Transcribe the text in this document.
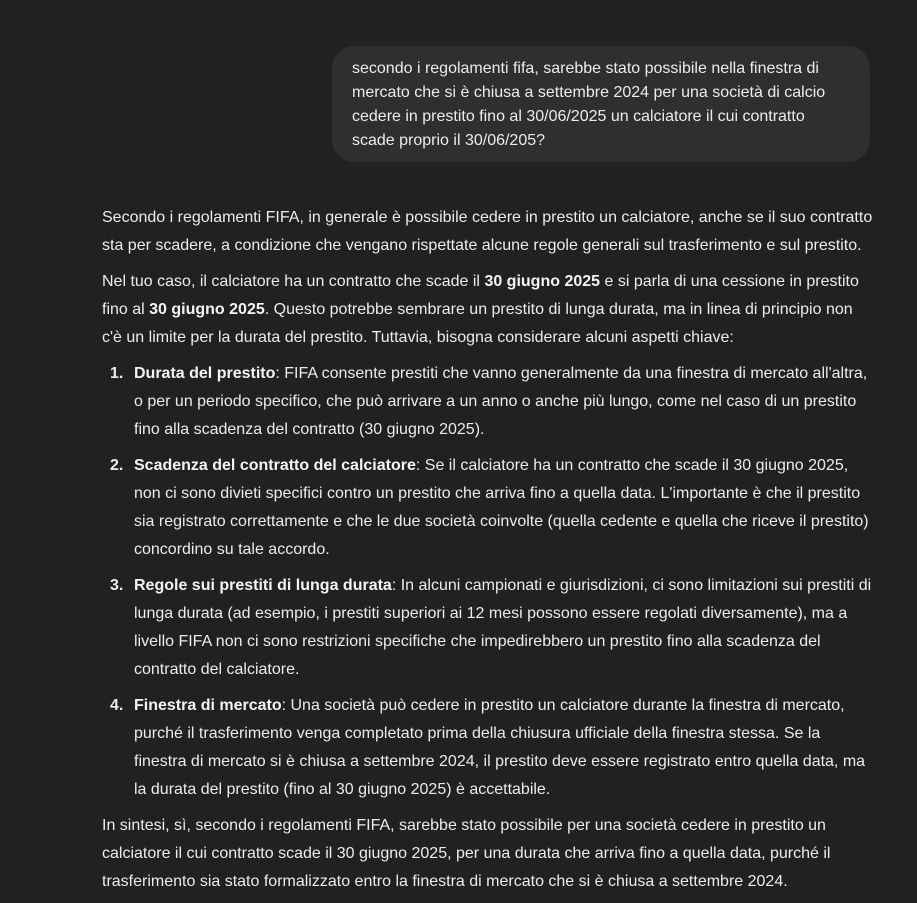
secondo i regolamenti fifa, sarebbe stato possibile nella finestra di mercato che si è chiusa a settembre 2024 per una società di calcio cedere in prestito fino al 30/06/2025 un calciatore il cui contratto scade proprio il 30/06/205?

Secondo i regolamenti FIFA, in generale è possibile cedere in prestito un calciatore, anche se il suo contratto sta per scadere, a condizione che vengano rispettate alcune regole generali sul trasferimento e sul prestito.

Nel tuo caso, il calciatore ha un contratto che scade il 30 giugno 2025 e si parla di una cessione in prestito fino al 30 giugno 2025. Questo potrebbe sembrare un prestito di lunga durata, ma in linea di principio non c'è un limite per la durata del prestito. Tuttavia, bisogna considerare alcuni aspetti chiave:

1. Durata del prestito: FIFA consente prestiti che vanno generalmente da una finestra di mercato all'altra, o per un periodo specifico, che può arrivare a un anno o anche più lungo, come nel caso di un prestito fino alla scadenza del contratto (30 giugno 2025).
2. Scadenza del contratto del calciatore: Se il calciatore ha un contratto che scade il 30 giugno 2025, non ci sono divieti specifici contro un prestito che arriva fino a quella data. L'importante è che il prestito sia registrato correttamente e che le due società coinvolte (quella cedente e quella che riceve il prestito) concordino su tale accordo.
3. Regole sui prestiti di lunga durata: In alcuni campionati e giurisdizioni, ci sono limitazioni sui prestiti di lunga durata (ad esempio, i prestiti superiori ai 12 mesi possono essere regolati diversamente), ma a livello FIFA non ci sono restrizioni specifiche che impedirebbero un prestito fino alla scadenza del contratto del calciatore.
4. Finestra di mercato: Una società può cedere in prestito un calciatore durante la finestra di mercato, purché il trasferimento venga completato prima della chiusura ufficiale della finestra stessa. Se la finestra di mercato si è chiusa a settembre 2024, il prestito deve essere registrato entro quella data, ma la durata del prestito (fino al 30 giugno 2025) è accettabile.

In sintesi, sì, secondo i regolamenti FIFA, sarebbe stato possibile per una società cedere in prestito un calciatore il cui contratto scade il 30 giugno 2025, per una durata che arriva fino a quella data, purché il trasferimento sia stato formalizzato entro la finestra di mercato che si è chiusa a settembre 2024.
